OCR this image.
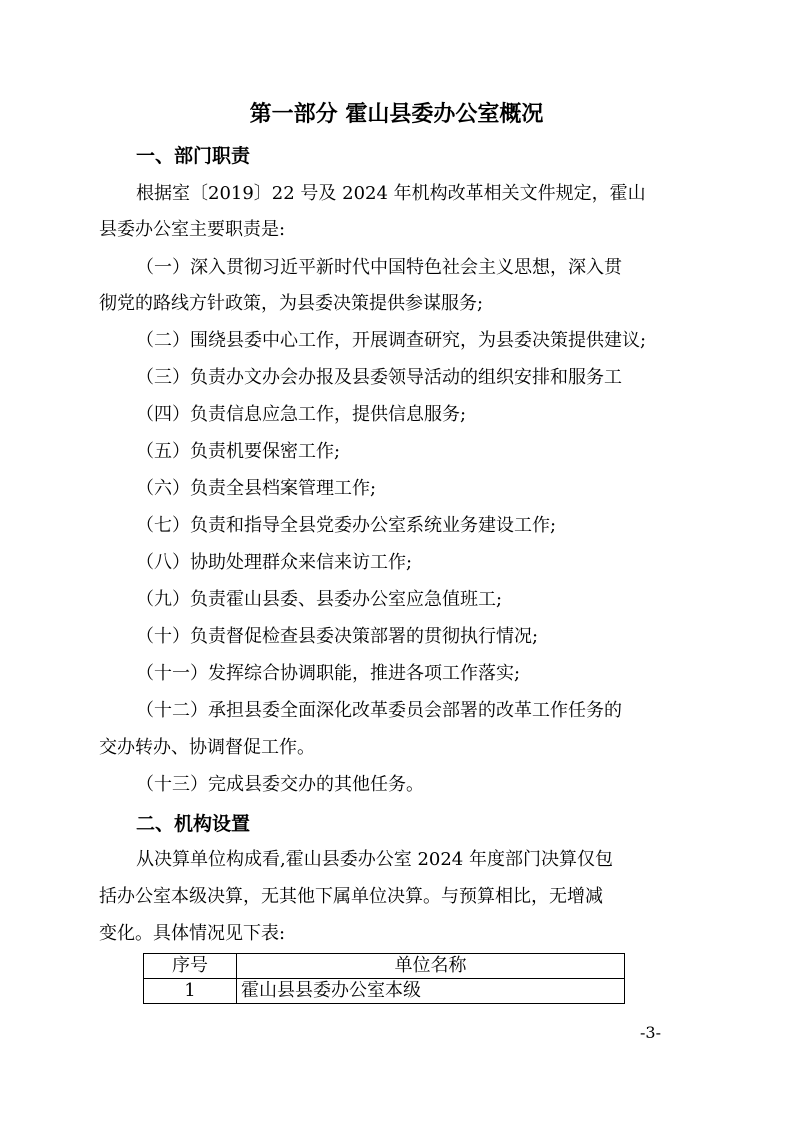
第一部分 霍山县委办公室概况
一、部门职责
根据室〔2019〕22 号及 2024 年机构改革相关文件规定，霍山
县委办公室主要职责是:
（一）深入贯彻习近平新时代中国特色社会主义思想，深入贯
彻党的路线方针政策，为县委决策提供参谋服务;
（二）围绕县委中心工作，开展调查研究，为县委决策提供建议;
（三）负责办文办会办报及县委领导活动的组织安排和服务工
（四）负责信息应急工作，提供信息服务;
（五）负责机要保密工作;
（六）负责全县档案管理工作;
（七）负责和指导全县党委办公室系统业务建设工作;
（八）协助处理群众来信来访工作;
（九）负责霍山县委、县委办公室应急值班工;
（十）负责督促检查县委决策部署的贯彻执行情况;
（十一）发挥综合协调职能，推进各项工作落实;
（十二）承担县委全面深化改革委员会部署的改革工作任务的
交办转办、协调督促工作。
（十三）完成县委交办的其他任务。
二、机构设置
从决算单位构成看,霍山县委办公室 2024 年度部门决算仅包
括办公室本级决算，无其他下属单位决算。与预算相比，无增减
变化。具体情况见下表:
序号	单位名称
1	霍山县县委办公室本级
-3-
